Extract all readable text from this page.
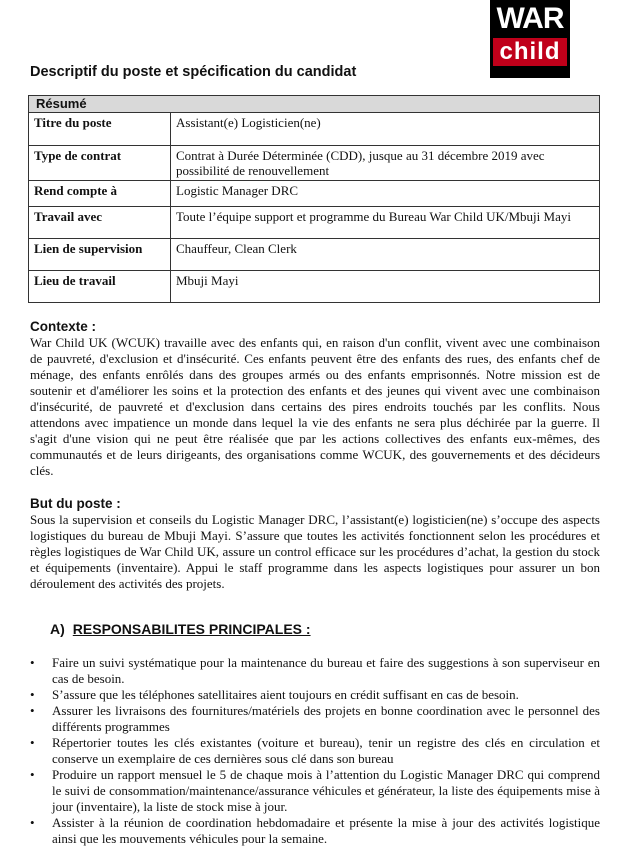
WAR
child
Descriptif du poste et spécification du candidat
Résumé	
Titre du poste	Assistant(e) Logisticien(ne)
Type de contrat	Contrat à Durée Déterminée (CDD), jusque au 31 décembre 2019 avec possibilité de renouvellement
Rend compte à	Logistic Manager DRC
Travail avec	Toute l’équipe support et programme du Bureau War Child UK/Mbuji Mayi
Lien de supervision	Chauffeur, Clean Clerk
Lieu de travail	Mbuji Mayi
Contexte :

War Child UK (WCUK) travaille avec des enfants qui, en raison d'un conflit, vivent avec une combinaison de pauvreté, d'exclusion et d'insécurité. Ces enfants peuvent être des enfants des rues, des enfants chef de ménage, des enfants enrôlés dans des groupes armés ou des enfants emprisonnés. Notre mission est de soutenir et d'améliorer les soins et la protection des enfants et des jeunes qui vivent avec une combinaison d'insécurité, de pauvreté et d'exclusion dans certains des pires endroits touchés par les conflits. Nous attendons avec impatience un monde dans lequel la vie des enfants ne sera plus déchirée par la guerre. Il s'agit d'une vision qui ne peut être réalisée que par les actions collectives des enfants eux-mêmes, des communautés et de leurs dirigeants, des organisations comme WCUK, des gouvernements et des décideurs clés.

But du poste :

Sous la supervision et conseils du Logistic Manager DRC, l’assistant(e) logisticien(ne) s’occupe des aspects logistiques du bureau de Mbuji Mayi. S’assure que toutes les activités fonctionnent selon les procédures et règles logistiques de War Child UK, assure un control efficace sur les procédures d’achat, la gestion du stock et équipements (inventaire). Appui le staff programme dans les aspects logistiques pour assurer un bon déroulement des activités des projets.

A) RESPONSABILITES PRINCIPALES :
• Faire un suivi systématique pour la maintenance du bureau et faire des suggestions à son superviseur en cas de besoin.
• S’assure que les téléphones satellitaires aient toujours en crédit suffisant en cas de besoin.
• Assurer les livraisons des fournitures/matériels des projets en bonne coordination avec le personnel des différents programmes
• Répertorier toutes les clés existantes (voiture et bureau), tenir un registre des clés en circulation et conserve un exemplaire de ces dernières sous clé dans son bureau
• Produire un rapport mensuel le 5 de chaque mois à l’attention du Logistic Manager DRC qui comprend le suivi de consommation/maintenance/assurance véhicules et générateur, la liste des équipements mise à jour (inventaire), la liste de stock mise à jour.
• Assister à la réunion de coordination hebdomadaire et présente la mise à jour des activités logistique ainsi que les mouvements véhicules pour la semaine.
